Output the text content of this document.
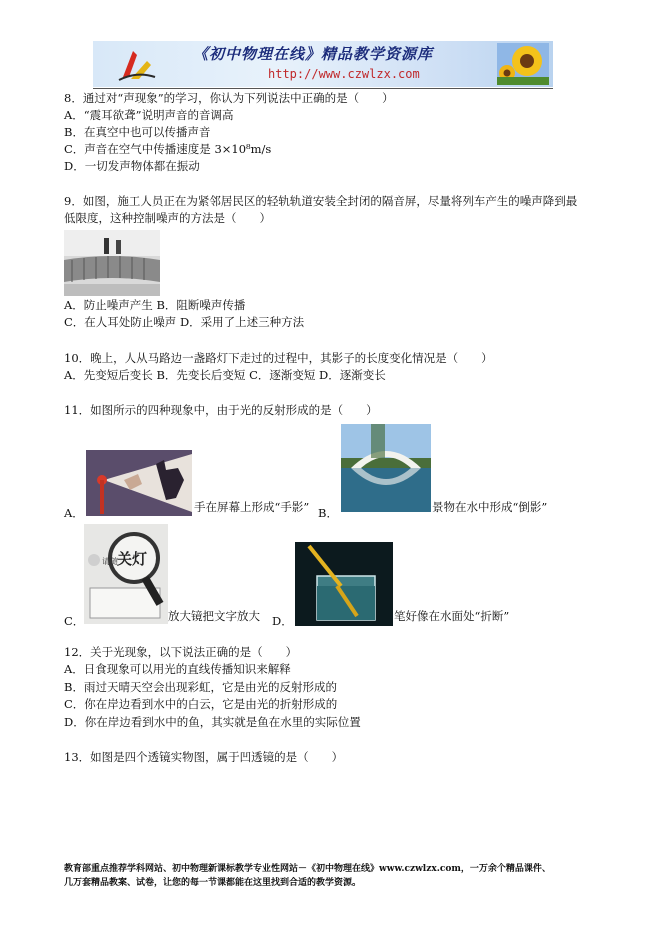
《初中物理在线》精品教学资源库
http://www.czwlzx.com
8．通过对“声现象”的学习，你认为下列说法中正确的是（　　）
A．“震耳欲聋”说明声音的音调高
B．在真空中也可以传播声音
C．声音在空气中传播速度是 3×10⁸m/s
D．一切发声物体都在振动
9．如图，施工人员正在为紧邻居民区的轻轨轨道安装全封闭的隔音屏，尽量将列车产生的噪声降到最
低限度，这种控制噪声的方法是（　　）
A．防止噪声产生 B．阻断噪声传播
C．在人耳处防止噪声 D．采用了上述三种方法
10．晚上，人从马路边一盏路灯下走过的过程中，其影子的长度变化情况是（　　）
A．先变短后变长 B．先变长后变短 C．逐渐变短 D．逐渐变长
11．如图所示的四种现象中，由于光的反射形成的是（　　）
A．	手在屏幕上形成“手影” B．	景物在水中形成“倒影”
关灯
请随
C．	放大镜把文字放大 D．	笔好像在水面处“折断”
12．关于光现象，以下说法正确的是（　　）
A．日食现象可以用光的直线传播知识来解释
B．雨过天晴天空会出现彩虹，它是由光的反射形成的
C．你在岸边看到水中的白云，它是由光的折射形成的
D．你在岸边看到水中的鱼，其实就是鱼在水里的实际位置
13．如图是四个透镜实物图，属于凹透镜的是（　　）
教育部重点推荐学科网站、初中物理新课标教学专业性网站－《初中物理在线》www.czwlzx.com，一万余个精品课件、
几万套精品教案、试卷，让您的每一节课都能在这里找到合适的教学资源。
